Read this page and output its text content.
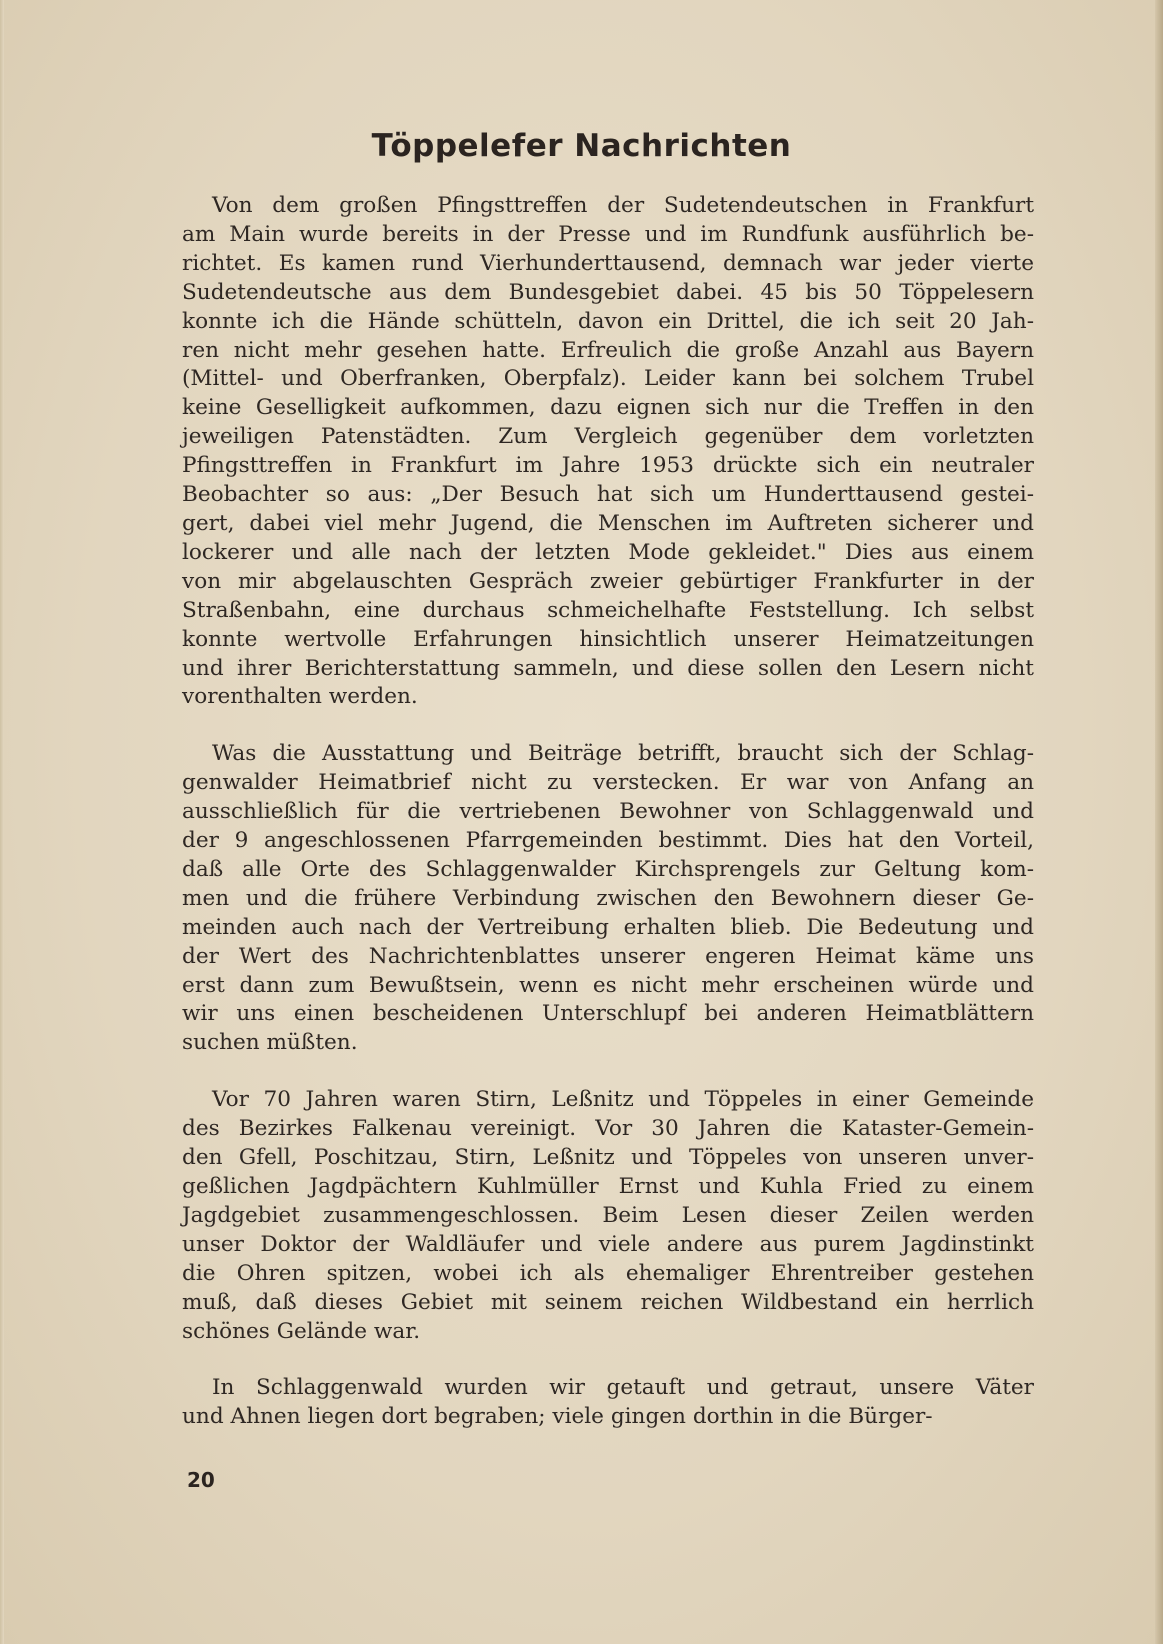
Töppelefer Nachrichten
Von dem großen Pfingsttreffen der Sudetendeutschen in Frankfurt
am Main wurde bereits in der Presse und im Rundfunk ausführlich be-
richtet. Es kamen rund Vierhunderttausend, demnach war jeder vierte
Sudetendeutsche aus dem Bundesgebiet dabei. 45 bis 50 Töppelesern
konnte ich die Hände schütteln, davon ein Drittel, die ich seit 20 Jah-
ren nicht mehr gesehen hatte. Erfreulich die große Anzahl aus Bayern
(Mittel- und Oberfranken, Oberpfalz). Leider kann bei solchem Trubel
keine Geselligkeit aufkommen, dazu eignen sich nur die Treffen in den
jeweiligen Patenstädten. Zum Vergleich gegenüber dem vorletzten
Pfingsttreffen in Frankfurt im Jahre 1953 drückte sich ein neutraler
Beobachter so aus: „Der Besuch hat sich um Hunderttausend gestei-
gert, dabei viel mehr Jugend, die Menschen im Auftreten sicherer und
lockerer und alle nach der letzten Mode gekleidet." Dies aus einem
von mir abgelauschten Gespräch zweier gebürtiger Frankfurter in der
Straßenbahn, eine durchaus schmeichelhafte Feststellung. Ich selbst
konnte wertvolle Erfahrungen hinsichtlich unserer Heimatzeitungen
und ihrer Berichterstattung sammeln, und diese sollen den Lesern nicht
vorenthalten werden.
Was die Ausstattung und Beiträge betrifft, braucht sich der Schlag-
genwalder Heimatbrief nicht zu verstecken. Er war von Anfang an
ausschließlich für die vertriebenen Bewohner von Schlaggenwald und
der 9 angeschlossenen Pfarrgemeinden bestimmt. Dies hat den Vorteil,
daß alle Orte des Schlaggenwalder Kirchsprengels zur Geltung kom-
men und die frühere Verbindung zwischen den Bewohnern dieser Ge-
meinden auch nach der Vertreibung erhalten blieb. Die Bedeutung und
der Wert des Nachrichtenblattes unserer engeren Heimat käme uns
erst dann zum Bewußtsein, wenn es nicht mehr erscheinen würde und
wir uns einen bescheidenen Unterschlupf bei anderen Heimatblättern
suchen müßten.
Vor 70 Jahren waren Stirn, Leßnitz und Töppeles in einer Gemeinde
des Bezirkes Falkenau vereinigt. Vor 30 Jahren die Kataster-Gemein-
den Gfell, Poschitzau, Stirn, Leßnitz und Töppeles von unseren unver-
geßlichen Jagdpächtern Kuhlmüller Ernst und Kuhla Fried zu einem
Jagdgebiet zusammengeschlossen. Beim Lesen dieser Zeilen werden
unser Doktor der Waldläufer und viele andere aus purem Jagdinstinkt
die Ohren spitzen, wobei ich als ehemaliger Ehrentreiber gestehen
muß, daß dieses Gebiet mit seinem reichen Wildbestand ein herrlich
schönes Gelände war.
In Schlaggenwald wurden wir getauft und getraut, unsere Väter
und Ahnen liegen dort begraben; viele gingen dorthin in die Bürger-
20
